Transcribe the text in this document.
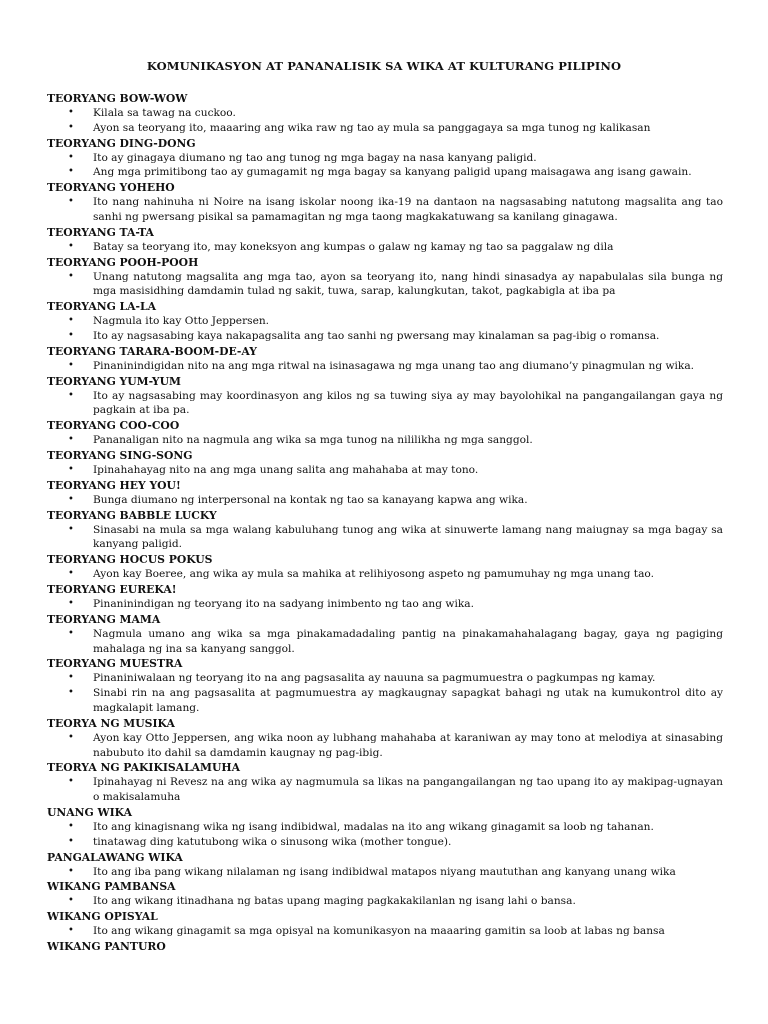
KOMUNIKASYON AT PANANALISIK SA WIKA AT KULTURANG PILIPINO
TEORYANG BOW-WOW
• Kilala sa tawag na cuckoo.
• Ayon sa teoryang ito, maaaring ang wika raw ng tao ay mula sa panggagaya sa mga tunog ng kalikasan
TEORYANG DING-DONG
• Ito ay ginagaya diumano ng tao ang tunog ng mga bagay na nasa kanyang paligid.
• Ang mga primitibong tao ay gumagamit ng mga bagay sa kanyang paligid upang maisagawa ang isang gawain.
TEORYANG YOHEHO
• Ito nang nahinuha ni Noire na isang iskolar noong ika-19 na dantaon na nagsasabing natutong magsalita ang tao sanhi ng pwersang pisikal sa pamamagitan ng mga taong magkakatuwang sa kanilang ginagawa.
TEORYANG TA-TA
• Batay sa teoryang ito, may koneksyon ang kumpas o galaw ng kamay ng tao sa paggalaw ng dila
TEORYANG POOH-POOH
• Unang natutong magsalita ang mga tao, ayon sa teoryang ito, nang hindi sinasadya ay napabulalas sila bunga ng mga masisidhing damdamin tulad ng sakit, tuwa, sarap, kalungkutan, takot, pagkabigla at iba pa
TEORYANG LA-LA
• Nagmula ito kay Otto Jeppersen.
• Ito ay nagsasabing kaya nakapagsalita ang tao sanhi ng pwersang may kinalaman sa pag-ibig o romansa.
TEORYANG TARARA-BOOM-DE-AY
• Pinaninindigidan nito na ang mga ritwal na isinasagawa ng mga unang tao ang diumano’y pinagmulan ng wika.
TEORYANG YUM-YUM
• Ito ay nagsasabing may koordinasyon ang kilos ng sa tuwing siya ay may bayolohikal na pangangailangan gaya ng pagkain at iba pa.
TEORYANG COO-COO
• Pananaligan nito na nagmula ang wika sa mga tunog na nililikha ng mga sanggol.
TEORYANG SING-SONG
• Ipinahahayag nito na ang mga unang salita ang mahahaba at may tono.
TEORYANG HEY YOU!
• Bunga diumano ng interpersonal na kontak ng tao sa kanayang kapwa ang wika.
TEORYANG BABBLE LUCKY
• Sinasabi na mula sa mga walang kabuluhang tunog ang wika at sinuwerte lamang nang maiugnay sa mga bagay sa kanyang paligid.
TEORYANG HOCUS POKUS
• Ayon kay Boeree, ang wika ay mula sa mahika at relihiyosong aspeto ng pamumuhay ng mga unang tao.
TEORYANG EUREKA!
• Pinaninindigan ng teoryang ito na sadyang inimbento ng tao ang wika.
TEORYANG MAMA
• Nagmula umano ang wika sa mga pinakamadadaling pantig na pinakamahahalagang bagay, gaya ng pagiging mahalaga ng ina sa kanyang sanggol.
TEORYANG MUESTRA
• Pinaniniwalaan ng teoryang ito na ang pagsasalita ay nauuna sa pagmumuestra o pagkumpas ng kamay.
• Sinabi rin na ang pagsasalita at pagmumuestra ay magkaugnay sapagkat bahagi ng utak na kumukontrol dito ay magkalapit lamang.
TEORYA NG MUSIKA
• Ayon kay Otto Jeppersen, ang wika noon ay lubhang mahahaba at karaniwan ay may tono at melodiya at sinasabing nabubuto ito dahil sa damdamin kaugnay ng pag-ibig.
TEORYA NG PAKIKISALAMUHA
• Ipinahayag ni Revesz na ang wika ay nagmumula sa likas na pangangailangan ng tao upang ito ay makipag-ugnayan o makisalamuha
UNANG WIKA
• Ito ang kinagisnang wika ng isang indibidwal, madalas na ito ang wikang ginagamit sa loob ng tahanan.
• tinatawag ding katutubong wika o sinusong wika (mother tongue).
PANGALAWANG WIKA
• Ito ang iba pang wikang nilalaman ng isang indibidwal matapos niyang maututhan ang kanyang unang wika
WIKANG PAMBANSA
• Ito ang wikang itinadhana ng batas upang maging pagkakakilanlan ng isang lahi o bansa.
WIKANG OPISYAL
• Ito ang wikang ginagamit sa mga opisyal na komunikasyon na maaaring gamitin sa loob at labas ng bansa
WIKANG PANTURO
